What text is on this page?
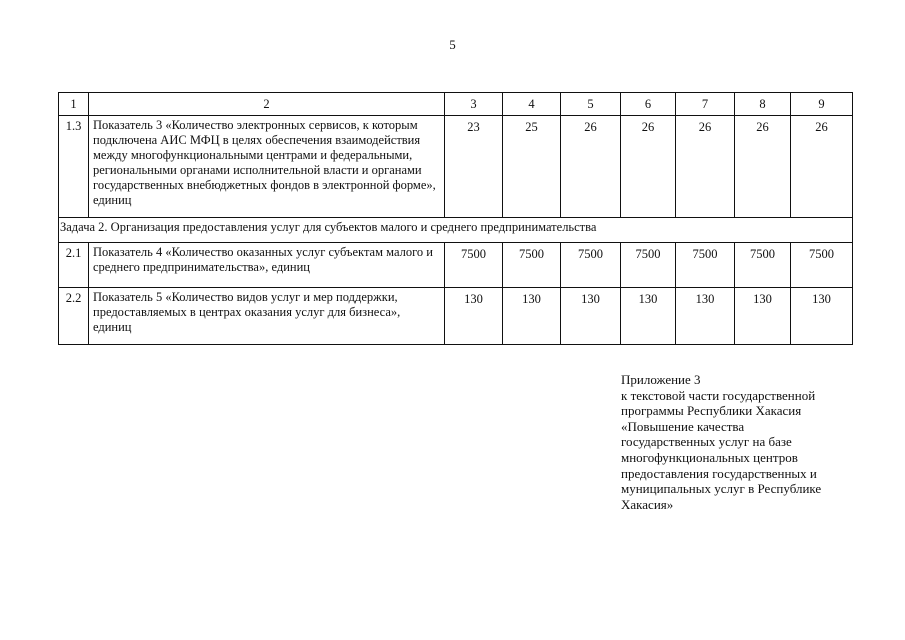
5
1	2	3	4	5	6	7	8	9
1.3	Показатель 3 «Количество электронных сервисов, к которым подключена АИС МФЦ в целях обеспечения взаимодействия между многофункциональными центрами и федеральными, региональными органами исполнительной власти и органами государственных внебюджетных фондов в электронной форме», единиц	23	25	26	26	26	26	26
Задача 2. Организация предоставления услуг для субъектов малого и среднего предпринимательства								
2.1	Показатель 4 «Количество оказанных услуг субъектам малого и среднего предпринимательства», единиц	7500	7500	7500	7500	7500	7500	7500
2.2	Показатель 5 «Количество видов услуг и мер поддержки, предоставляемых в центрах оказания услуг для бизнеса», единиц	130	130	130	130	130	130	130
Приложение 3
к текстовой части государственной
программы Республики Хакасия
«Повышение качества
государственных услуг на базе
многофункциональных центров
предоставления государственных и
муниципальных услуг в Республике
Хакасия»
